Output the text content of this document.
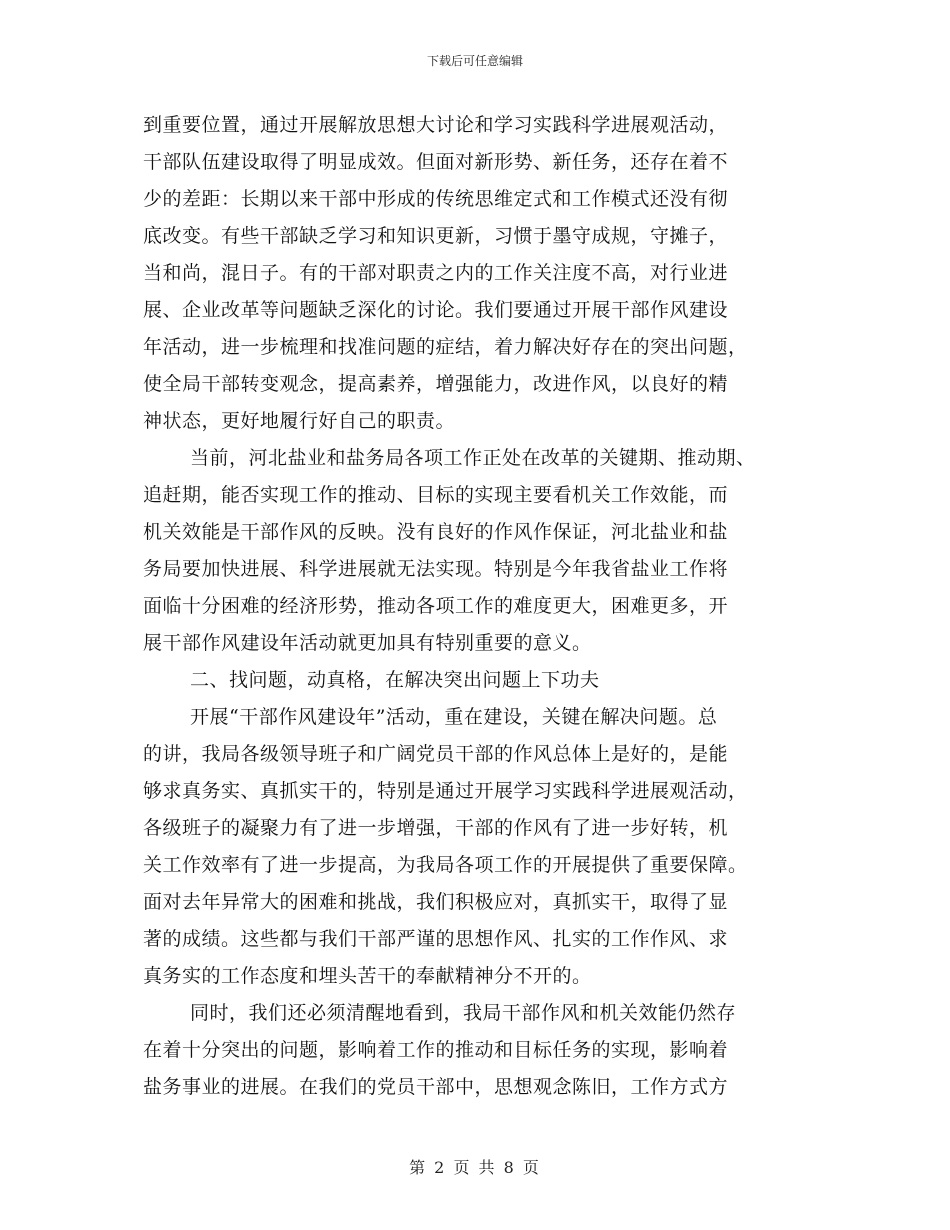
下载后可任意编辑
到重要位置，通过开展解放思想大讨论和学习实践科学进展观活动，
干部队伍建设取得了明显成效。但面对新形势、新任务，还存在着不
少的差距：长期以来干部中形成的传统思维定式和工作模式还没有彻
底改变。有些干部缺乏学习和知识更新，习惯于墨守成规，守摊子，
当和尚，混日子。有的干部对职责之内的工作关注度不高，对行业进
展、企业改革等问题缺乏深化的讨论。我们要通过开展干部作风建设
年活动，进一步梳理和找准问题的症结，着力解决好存在的突出问题，
使全局干部转变观念，提高素养，增强能力，改进作风，以良好的精
神状态，更好地履行好自己的职责。
当前，河北盐业和盐务局各项工作正处在改革的关键期、推动期、
追赶期，能否实现工作的推动、目标的实现主要看机关工作效能，而
机关效能是干部作风的反映。没有良好的作风作保证，河北盐业和盐
务局要加快进展、科学进展就无法实现。特别是今年我省盐业工作将
面临十分困难的经济形势，推动各项工作的难度更大，困难更多，开
展干部作风建设年活动就更加具有特别重要的意义。
二、找问题，动真格，在解决突出问题上下功夫
开展“干部作风建设年”活动，重在建设，关键在解决问题。总
的讲，我局各级领导班子和广阔党员干部的作风总体上是好的，是能
够求真务实、真抓实干的，特别是通过开展学习实践科学进展观活动，
各级班子的凝聚力有了进一步增强，干部的作风有了进一步好转，机
关工作效率有了进一步提高，为我局各项工作的开展提供了重要保障。
面对去年异常大的困难和挑战，我们积极应对，真抓实干，取得了显
著的成绩。这些都与我们干部严谨的思想作风、扎实的工作作风、求
真务实的工作态度和埋头苦干的奉献精神分不开的。
同时，我们还必须清醒地看到，我局干部作风和机关效能仍然存
在着十分突出的问题，影响着工作的推动和目标任务的实现，影响着
盐务事业的进展。在我们的党员干部中，思想观念陈旧，工作方式方
第 2 页 共 8 页
